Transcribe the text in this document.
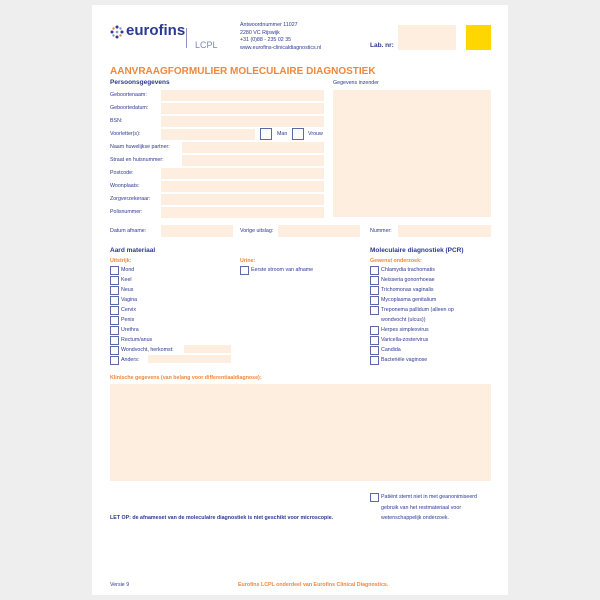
eurofins
LCPL
Antwoordnummer 11027
2280 VC Rijswijk
+31 (0)88 - 235 02 35
www.eurofins-clinicaldiagnostics.nl	Lab. nr:
AANVRAAGFORMULIER MOLECULAIRE DIAGNOSTIEK
Persoonsgegevens	Gegevens inzender
Geboortenaam:
Geboortedatum:
BSN:
Voorletter(s):	Man	Vrouw
Naam huwelijkse partner:
Straat en huisnummer:
Postcode:
Woonplaats:
Zorgverzekeraar:
Polisnummer:
Datum afname:	Vorige uitslag:	Nummer:
Aard materiaal
Uitstrijk:
Mond
Keel
Neus
Vagina
Cervix
Penis
Urethra
Rectum/anus
Wondvocht, herkomst:
Anders:
Urine:
Eerste stroom van afname
Moleculaire diagnostiek (PCR)
Gewenst onderzoek:
Chlamydia trachomatis
Neisseria gonorrhoeae
Trichomonas vaginalis
Mycoplasma genitalium
Treponema pallidum (alleen op
Herpes simplexvirus
Varicella-zostervirus
Candida
Bacteriële vaginose
wondvocht (ulcus))
Klinische gegevens (van belang voor differentiaaldiagnose):
Patiënt stemt niet in met geanonimiseerd
gebruik van het restmateriaal voor
wetenschappelijk onderzoek.
LET OP: de afnameset van de moleculaire diagnostiek is niet geschikt voor microscopie.
Versie 9	Eurofins LCPL onderdeel van Eurofins Clinical Diagnostics.
